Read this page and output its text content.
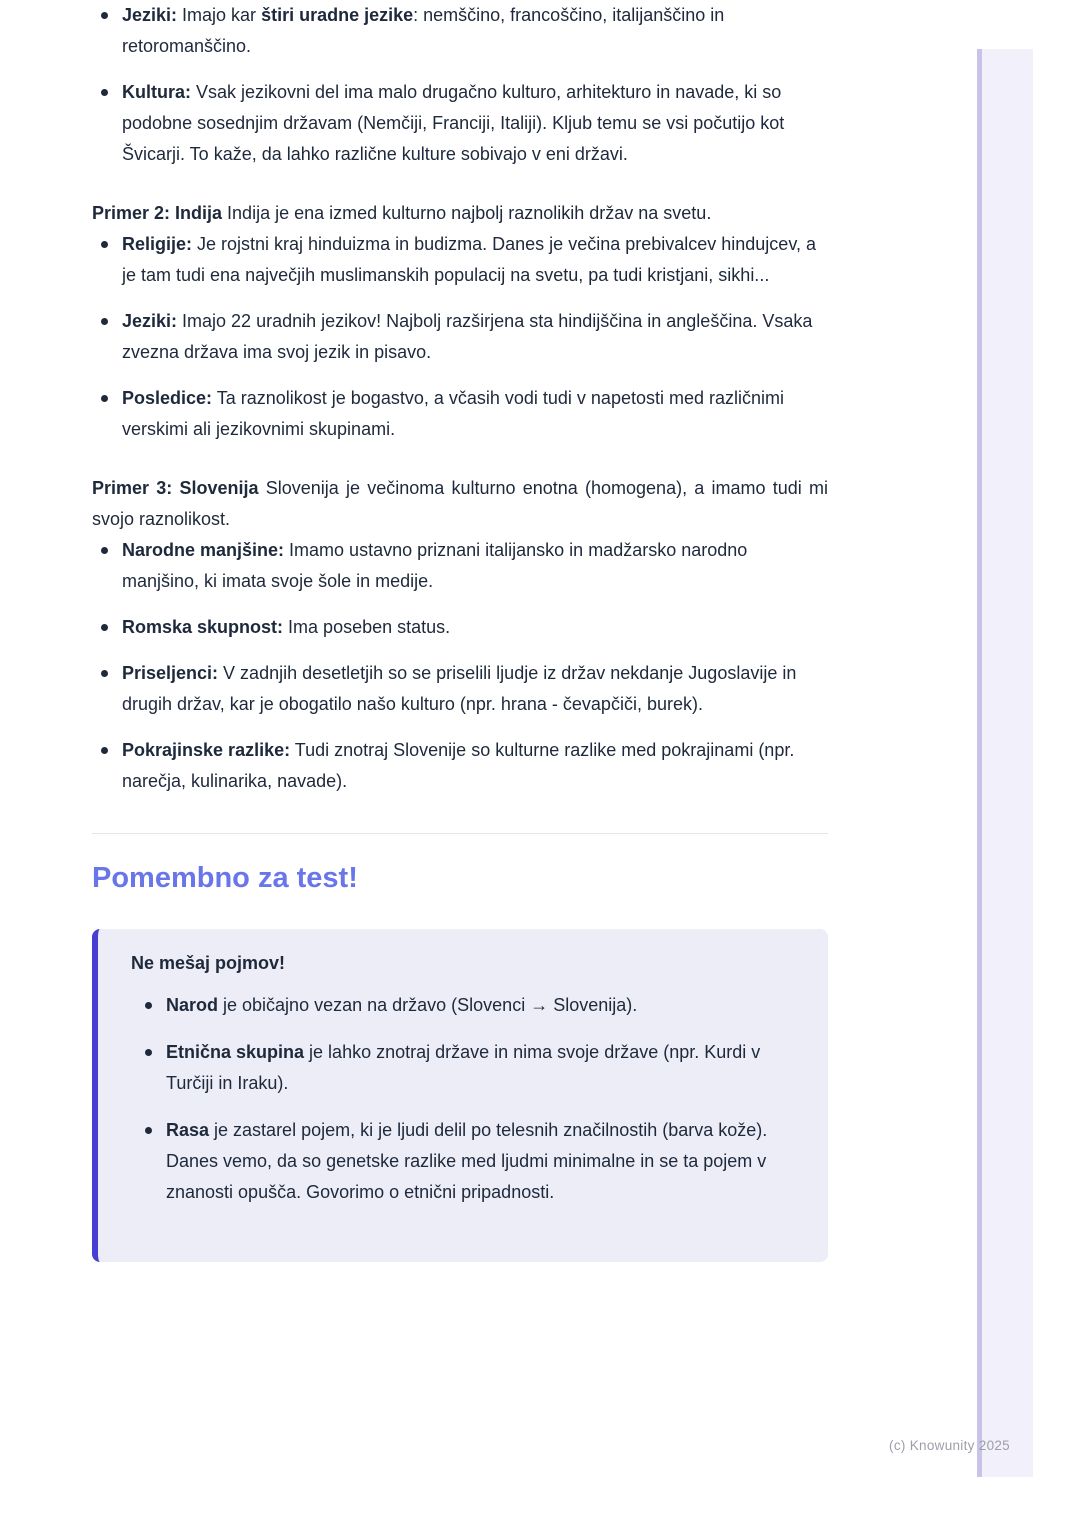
Jeziki: Imajo kar štiri uradne jezike: nemščino, francoščino, italijanščino in retoromanščino.
Kultura: Vsak jezikovni del ima malo drugačno kulturo, arhitekturo in navade, ki so podobne sosednjim državam (Nemčiji, Franciji, Italiji). Kljub temu se vsi počutijo kot Švicarji. To kaže, da lahko različne kulture sobivajo v eni državi.

Primer 2: Indija Indija je ena izmed kulturno najbolj raznolikih držav na svetu.

Religije: Je rojstni kraj hinduizma in budizma. Danes je večina prebivalcev hindujcev, a je tam tudi ena največjih muslimanskih populacij na svetu, pa tudi kristjani, sikhi...
Jeziki: Imajo 22 uradnih jezikov! Najbolj razširjena sta hindijščina in angleščina. Vsaka zvezna država ima svoj jezik in pisavo.
Posledice: Ta raznolikost je bogastvo, a včasih vodi tudi v napetosti med različnimi verskimi ali jezikovnimi skupinami.

Primer 3: Slovenija Slovenija je večinoma kulturno enotna (homogena), a imamo tudi mi svojo raznolikost.

Narodne manjšine: Imamo ustavno priznani italijansko in madžarsko narodno manjšino, ki imata svoje šole in medije.
Romska skupnost: Ima poseben status.
Priseljenci: V zadnjih desetletjih so se priselili ljudje iz držav nekdanje Jugoslavije in drugih držav, kar je obogatilo našo kulturo (npr. hrana - čevapčiči, burek).
Pokrajinske razlike: Tudi znotraj Slovenije so kulturne razlike med pokrajinami (npr. narečja, kulinarika, navade).
Pomembno za test!
Ne mešaj pojmov!
Narod je običajno vezan na državo (Slovenci → Slovenija).
Etnična skupina je lahko znotraj države in nima svoje države (npr. Kurdi v Turčiji in Iraku).
Rasa je zastarel pojem, ki je ljudi delil po telesnih značilnostih (barva kože). Danes vemo, da so genetske razlike med ljudmi minimalne in se ta pojem v znanosti opušča. Govorimo o etnični pripadnosti.
(c) Knowunity 2025
